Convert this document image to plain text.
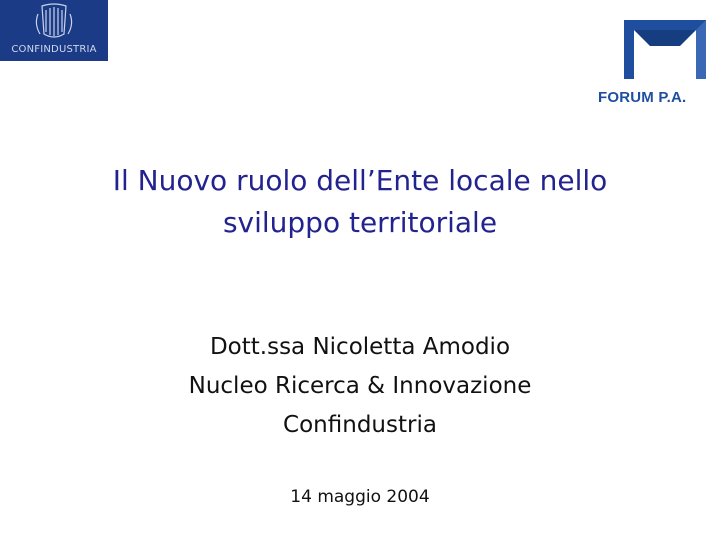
CONFINDUSTRIA
FORUM P.A.
Il Nuovo ruolo dell’Ente locale nello
sviluppo territoriale
Dott.ssa Nicoletta Amodio
Nucleo Ricerca & Innovazione
Confindustria
14 maggio 2004
